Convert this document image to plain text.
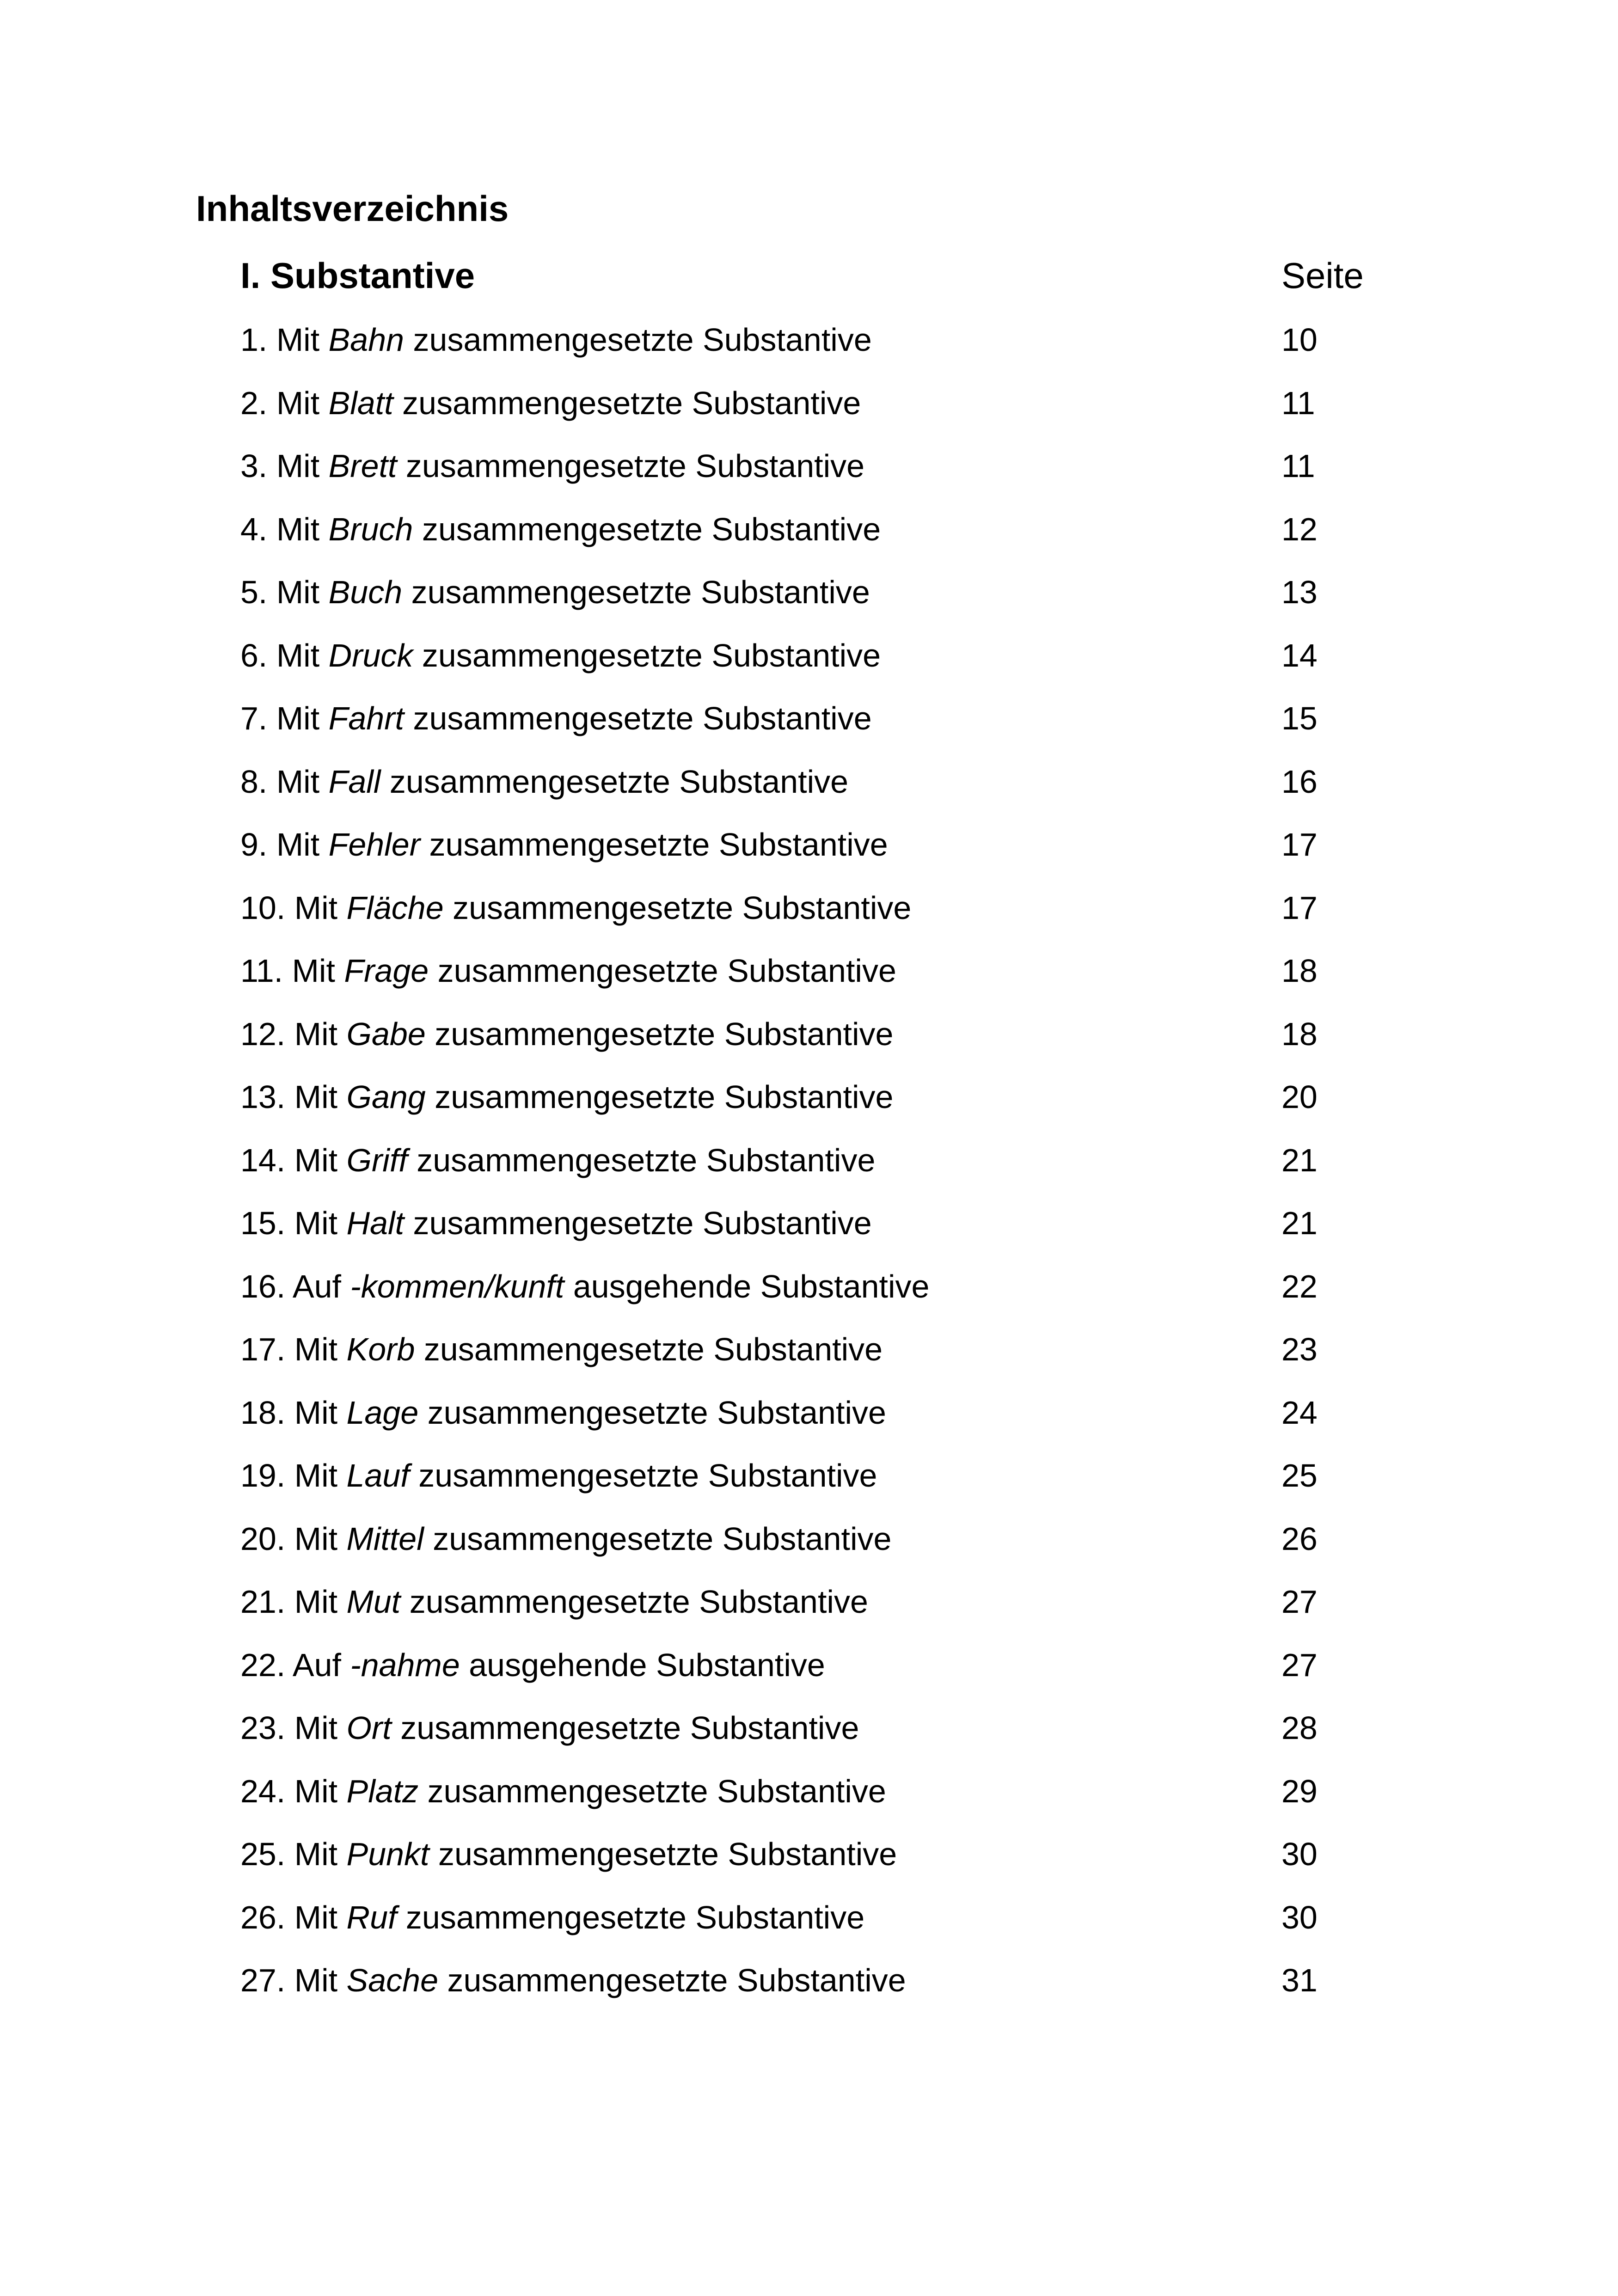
Inhaltsverzeichnis
I. Substantive	Seite
1. Mit Bahn zusammengesetzte Substantive	10
2. Mit Blatt zusammengesetzte Substantive	11
3. Mit Brett zusammengesetzte Substantive	11
4. Mit Bruch zusammengesetzte Substantive	12
5. Mit Buch zusammengesetzte Substantive	13
6. Mit Druck zusammengesetzte Substantive	14
7. Mit Fahrt zusammengesetzte Substantive	15
8. Mit Fall zusammengesetzte Substantive	16
9. Mit Fehler zusammengesetzte Substantive	17
10. Mit Fläche zusammengesetzte Substantive	17
11. Mit Frage zusammengesetzte Substantive	18
12. Mit Gabe zusammengesetzte Substantive	18
13. Mit Gang zusammengesetzte Substantive	20
14. Mit Griff zusammengesetzte Substantive	21
15. Mit Halt zusammengesetzte Substantive	21
16. Auf -kommen/kunft ausgehende Substantive	22
17. Mit Korb zusammengesetzte Substantive	23
18. Mit Lage zusammengesetzte Substantive	24
19. Mit Lauf zusammengesetzte Substantive	25
20. Mit Mittel zusammengesetzte Substantive	26
21. Mit Mut zusammengesetzte Substantive	27
22. Auf -nahme ausgehende Substantive	27
23. Mit Ort zusammengesetzte Substantive	28
24. Mit Platz zusammengesetzte Substantive	29
25. Mit Punkt zusammengesetzte Substantive	30
26. Mit Ruf zusammengesetzte Substantive	30
27. Mit Sache zusammengesetzte Substantive	31
